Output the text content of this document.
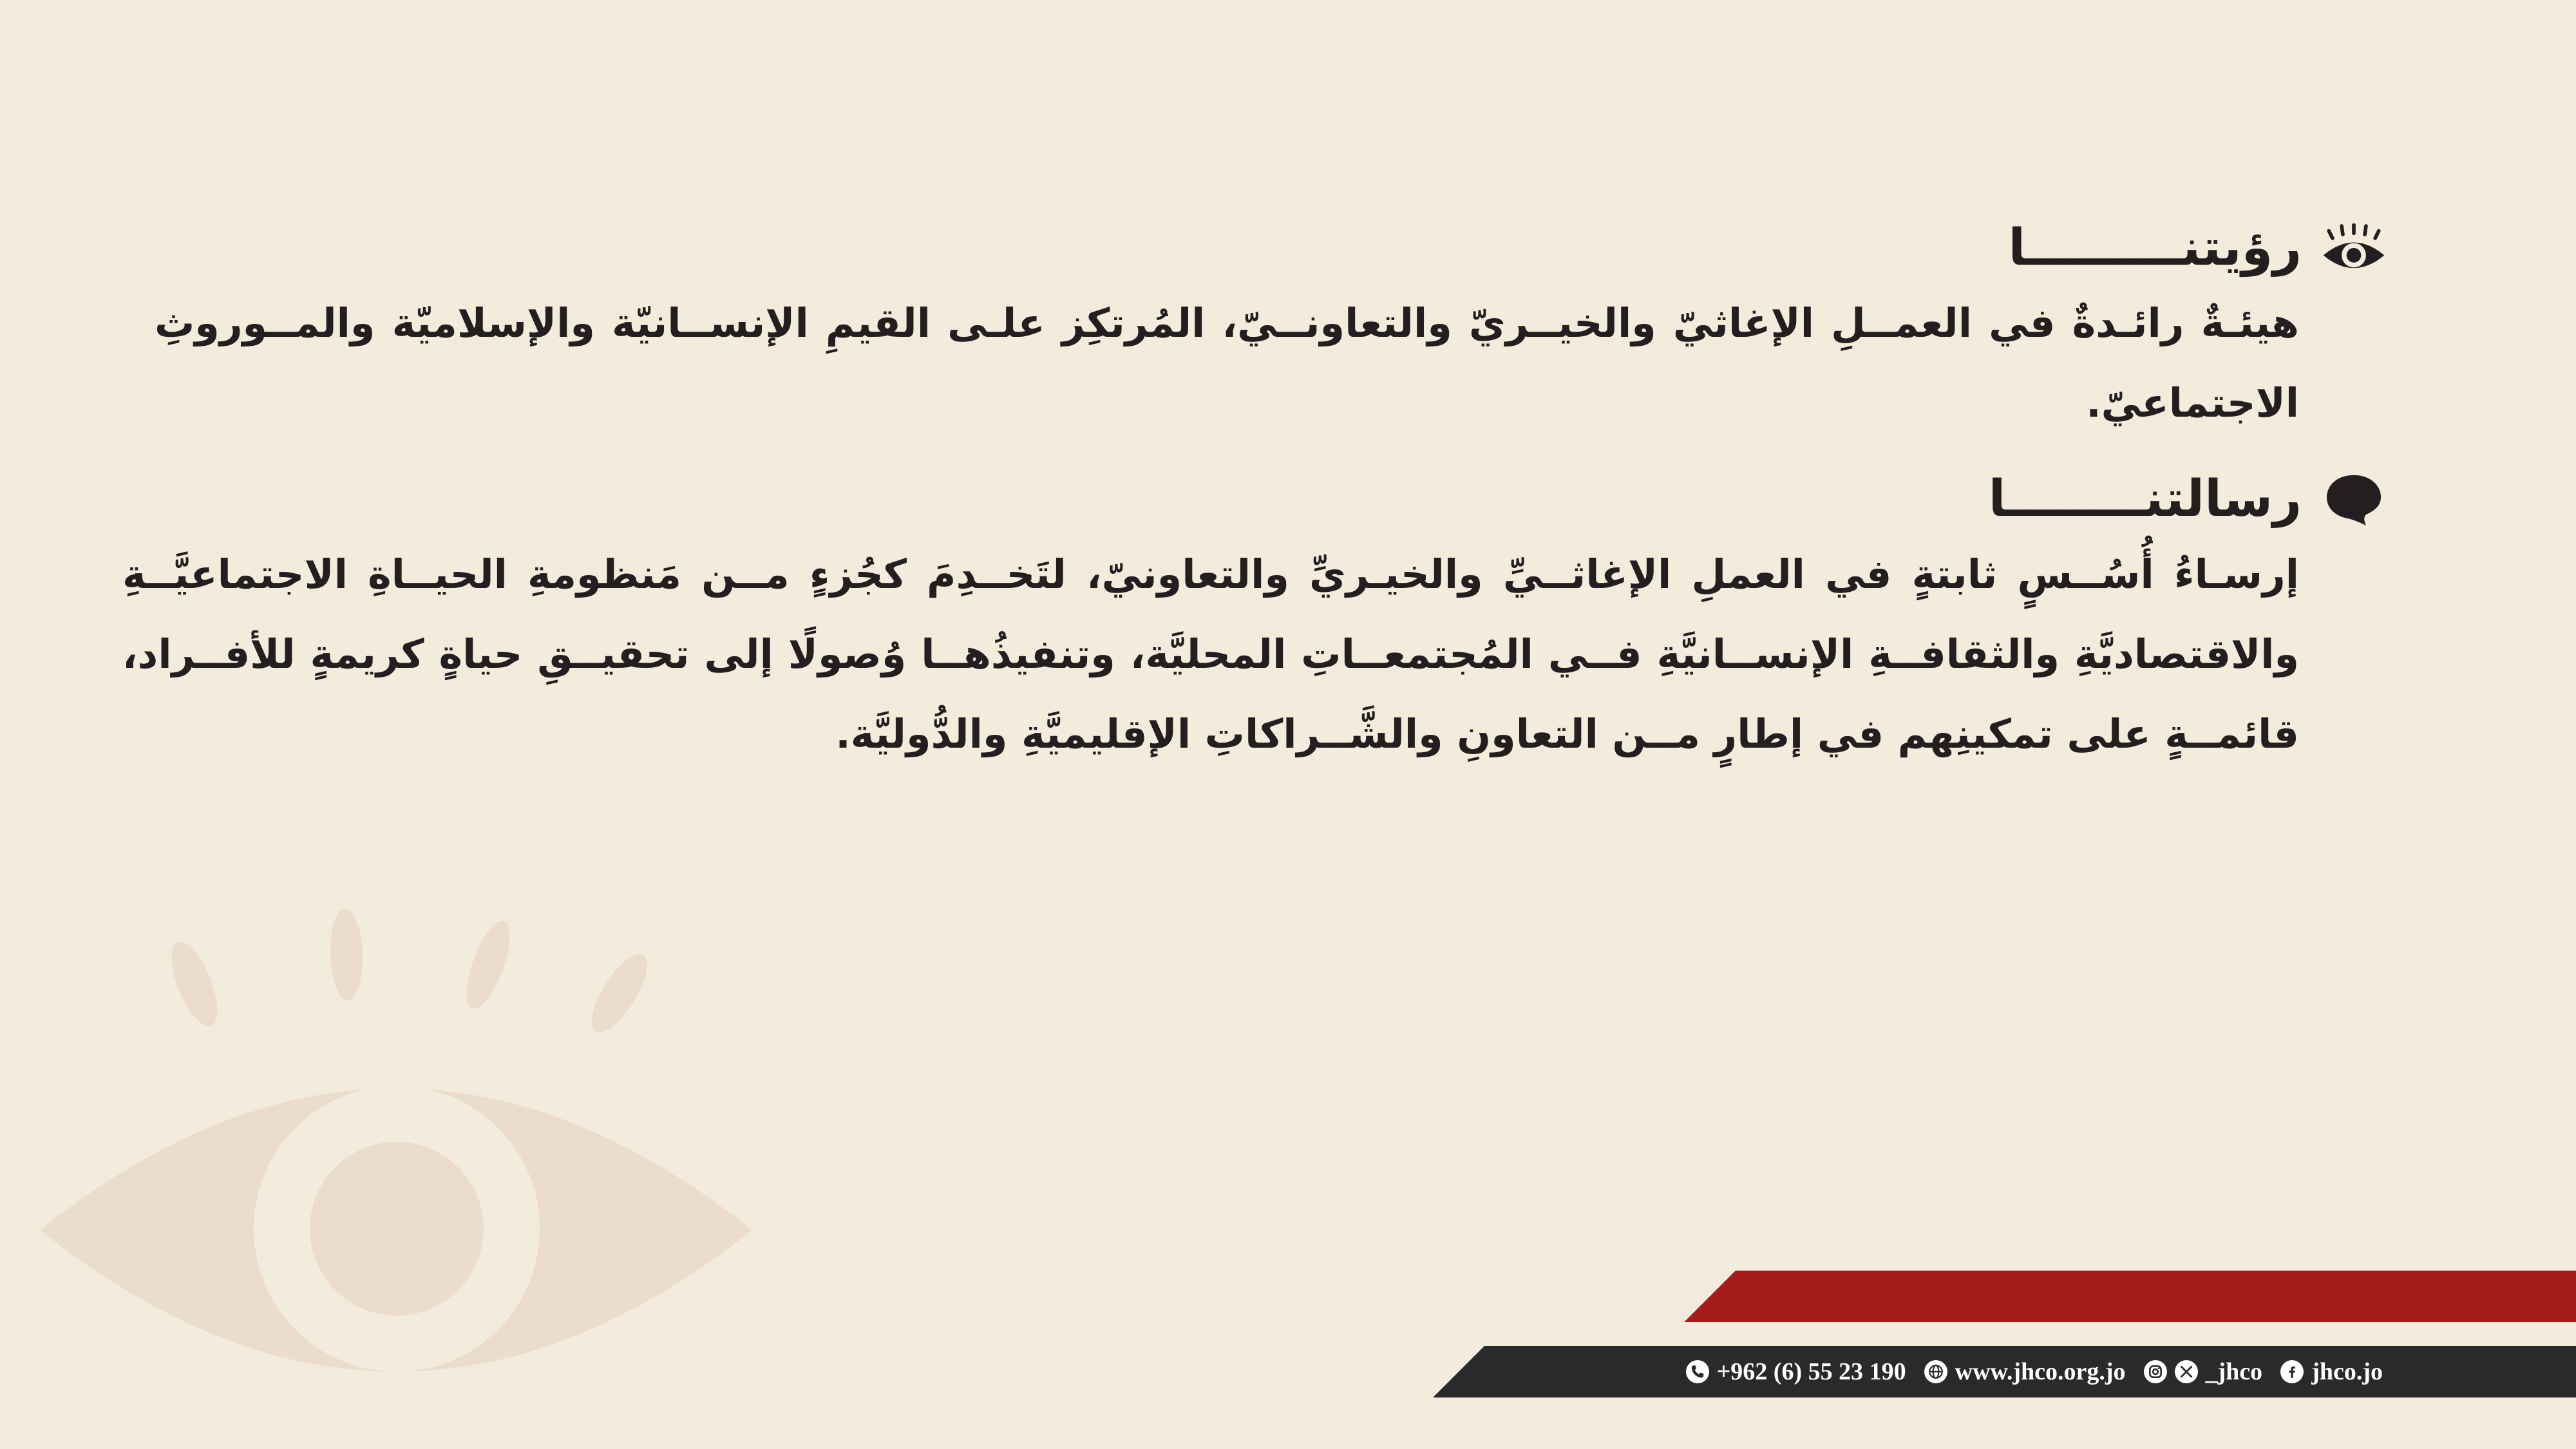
رؤيتنـــــــــا

هيئـةٌ رائـدةٌ في العمــلِ الإغاثيّ والخيــريّ والتعاونــيّ، المُرتكِز علـى القيمِ الإنســانيّة والإسلاميّة والمــوروثِ الاجتماعيّ.

رسالتنــــــــا

إرسـاءُ أُسُــسٍ ثابتةٍ في العملِ الإغاثــيِّ والخيـريِّ والتعاونيّ، لتَخــدِمَ كجُزءٍ مــن مَنظومةِ الحيــاةِ الاجتماعيَّــةِ والاقتصاديَّةِ والثقافــةِ الإنســانيَّةِ فــي المُجتمعــاتِ المحليَّة، وتنفيذُهــا وُصولًا إلى تحقيــقِ حياةٍ كريمةٍ للأفــراد، قائمــةٍ على تمكينِهم في إطارٍ مــن التعاونِ والشَّــراكاتِ الإقليميَّةِ والدُّوليَّة.

+962 (6) 55 23 190 www.jhco.org.jo	_jhco jhco.jo
